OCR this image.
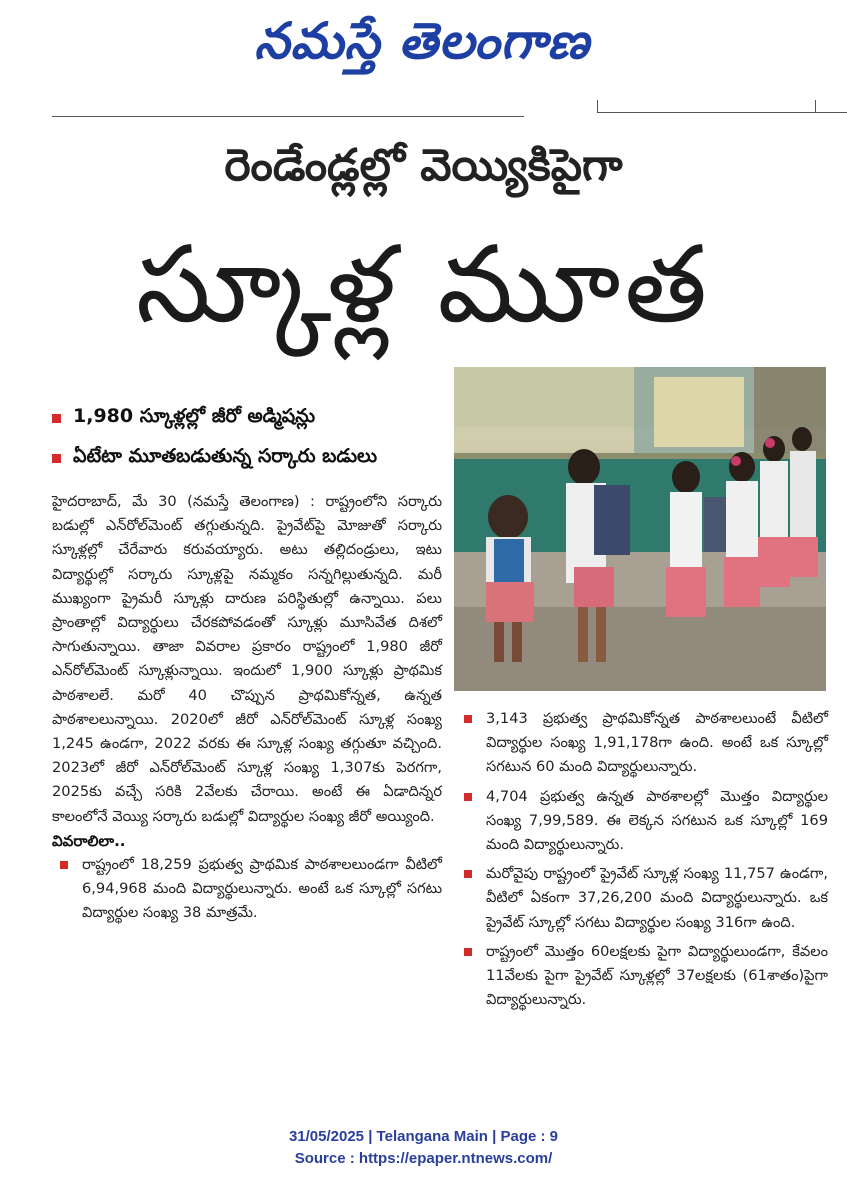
నమస్తే తెలంగాణ
రెండేండ్లల్లో వెయ్యికిపైగా
స్కూళ్ల మూత
1,980 స్కూళ్లల్లో జీరో అడ్మిషన్లు
ఏటేటా మూతబడుతున్న సర్కారు బడులు

హైదరాబాద్, మే 30 (నమస్తే తెలంగాణ) : రాష్ట్రంలోని సర్కారు బడుల్లో ఎన్‌రోల్‌మెంట్ తగ్గుతున్నది. ప్రైవేట్‌పై మోజుతో సర్కారు స్కూళ్లల్లో చేరేవారు కరువయ్యారు. అటు తల్లిదండ్రులు, ఇటు విద్యార్థుల్లో సర్కారు స్కూళ్లపై నమ్మకం సన్నగిల్లుతున్నది. మరీ ముఖ్యంగా ప్రైమరీ స్కూళ్లు దారుణ పరిస్థితుల్లో ఉన్నాయి. పలు ప్రాంతాల్లో విద్యార్థులు చేరకపోవడంతో స్కూళ్లు మూసివేత దిశలో సాగుతున్నాయి. తాజా వివరాల ప్రకారం రాష్ట్రంలో 1,980 జీరో ఎన్‌రోల్‌మెంట్ స్కూళ్లున్నాయి. ఇందులో 1,900 స్కూళ్లు ప్రాథమిక పాఠశాలలే. మరో 40 చొప్పున ప్రాథమికోన్నత, ఉన్నత పాఠశాలలున్నాయి. 2020లో జీరో ఎన్‌రోల్‌మెంట్ స్కూళ్ల సంఖ్య 1,245 ఉండగా, 2022 వరకు ఈ స్కూళ్ల సంఖ్య తగ్గుతూ వచ్చింది. 2023లో జీరో ఎన్‌రోల్‌మెంట్ స్కూళ్ల సంఖ్య 1,307కు పెరగగా, 2025కు వచ్చే సరికి 2వేలకు చేరాయి. అంటే ఈ ఏడాదిన్నర కాలంలోనే వెయ్యి సర్కారు బడుల్లో విద్యార్థుల సంఖ్య జీరో అయ్యింది.

వివరాలిలా..

రాష్ట్రంలో 18,259 ప్రభుత్వ ప్రాథమిక పాఠశాలలుండగా వీటిలో 6,94,968 మంది విద్యార్థులున్నారు. అంటే ఒక స్కూల్లో సగటు విద్యార్థుల సంఖ్య 38 మాత్రమే.

3,143 ప్రభుత్వ ప్రాథమికోన్నత పాఠశాలలుంటే వీటిలో విద్యార్థుల సంఖ్య 1,91,178గా ఉంది. అంటే ఒక స్కూల్లో సగటున 60 మంది విద్యార్థులున్నారు.

4,704 ప్రభుత్వ ఉన్నత పాఠశాలల్లో మొత్తం విద్యార్థుల సంఖ్య 7,99,589. ఈ లెక్కన సగటున ఒక స్కూల్లో 169 మంది విద్యార్థులున్నారు.

మరోవైపు రాష్ట్రంలో ప్రైవేట్ స్కూళ్ల సంఖ్య 11,757 ఉండగా, వీటిలో ఏకంగా 37,26,200 మంది విద్యార్థులున్నారు. ఒక ప్రైవేట్ స్కూల్లో సగటు విద్యార్థుల సంఖ్య 316గా ఉంది.

రాష్ట్రంలో మొత్తం 60లక్షలకు పైగా విద్యార్థులుండగా, కేవలం 11వేలకు పైగా ప్రైవేట్ స్కూళ్లల్లో 37లక్షలకు (61శాతం)పైగా విద్యార్థులున్నారు.

31/05/2025 | Telangana Main | Page : 9
Source : https://epaper.ntnews.com/
